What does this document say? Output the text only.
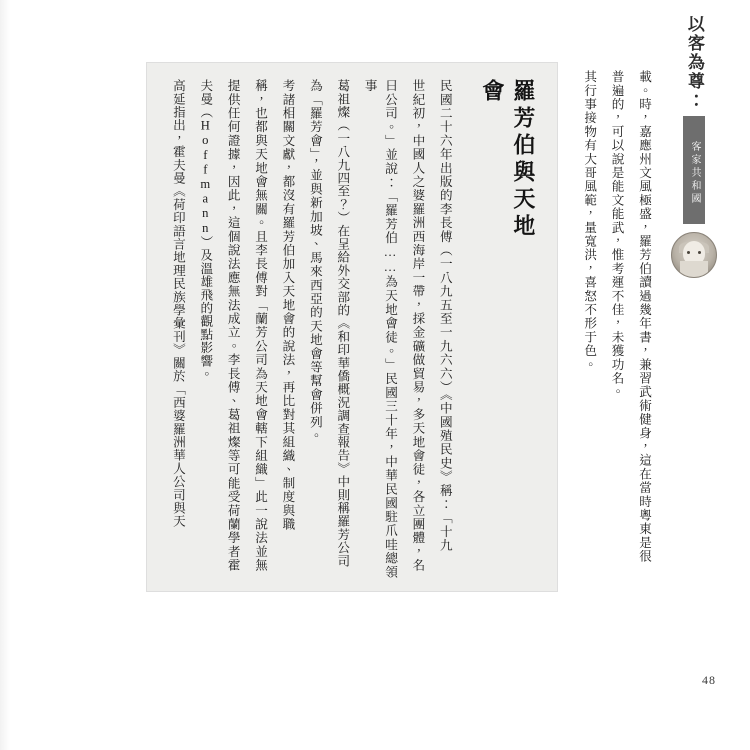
以客為尊：
客家共和國
載。時，嘉應州文風極盛，羅芳伯讀過幾年書，兼習武術健身，這在當時粵東是很
普遍的，可以說是能文能武，惟考運不佳，未獲功名。
其行事接物有大哥風範，量寬洪，喜怒不形于色。
羅芳伯與天地會
民國二十六年出版的李長傅（一八九五至一九六六）《中國殖民史》稱：「十九
世紀初，中國人之婆羅洲西海岸一帶，採金礦做貿易，多天地會徒，各立團體，名
曰公司。」並說：「羅芳伯……為天地會徒。」民國三十年，中華民國駐爪哇總領事
葛祖燦（一八九四至？）在呈給外交部的《和印華僑概況調查報告》中則稱羅芳公司
為「羅芳會」，並與新加坡、馬來西亞的天地會等幫會併列。
考諸相關文獻，都沒有羅芳伯加入天地會的說法，再比對其組織、制度與職
稱，也都與天地會無關。且李長傅對「蘭芳公司為天地會轄下組織」此一說法並無
提供任何證據，因此，這個說法應無法成立。李長傅、葛祖燦等可能受荷蘭學者霍
夫曼（Hoffmann）及溫雄飛的觀點影響。
高延指出，霍夫曼《荷印語言地理民族學彙刊》關於「西婆羅洲華人公司與天
48
